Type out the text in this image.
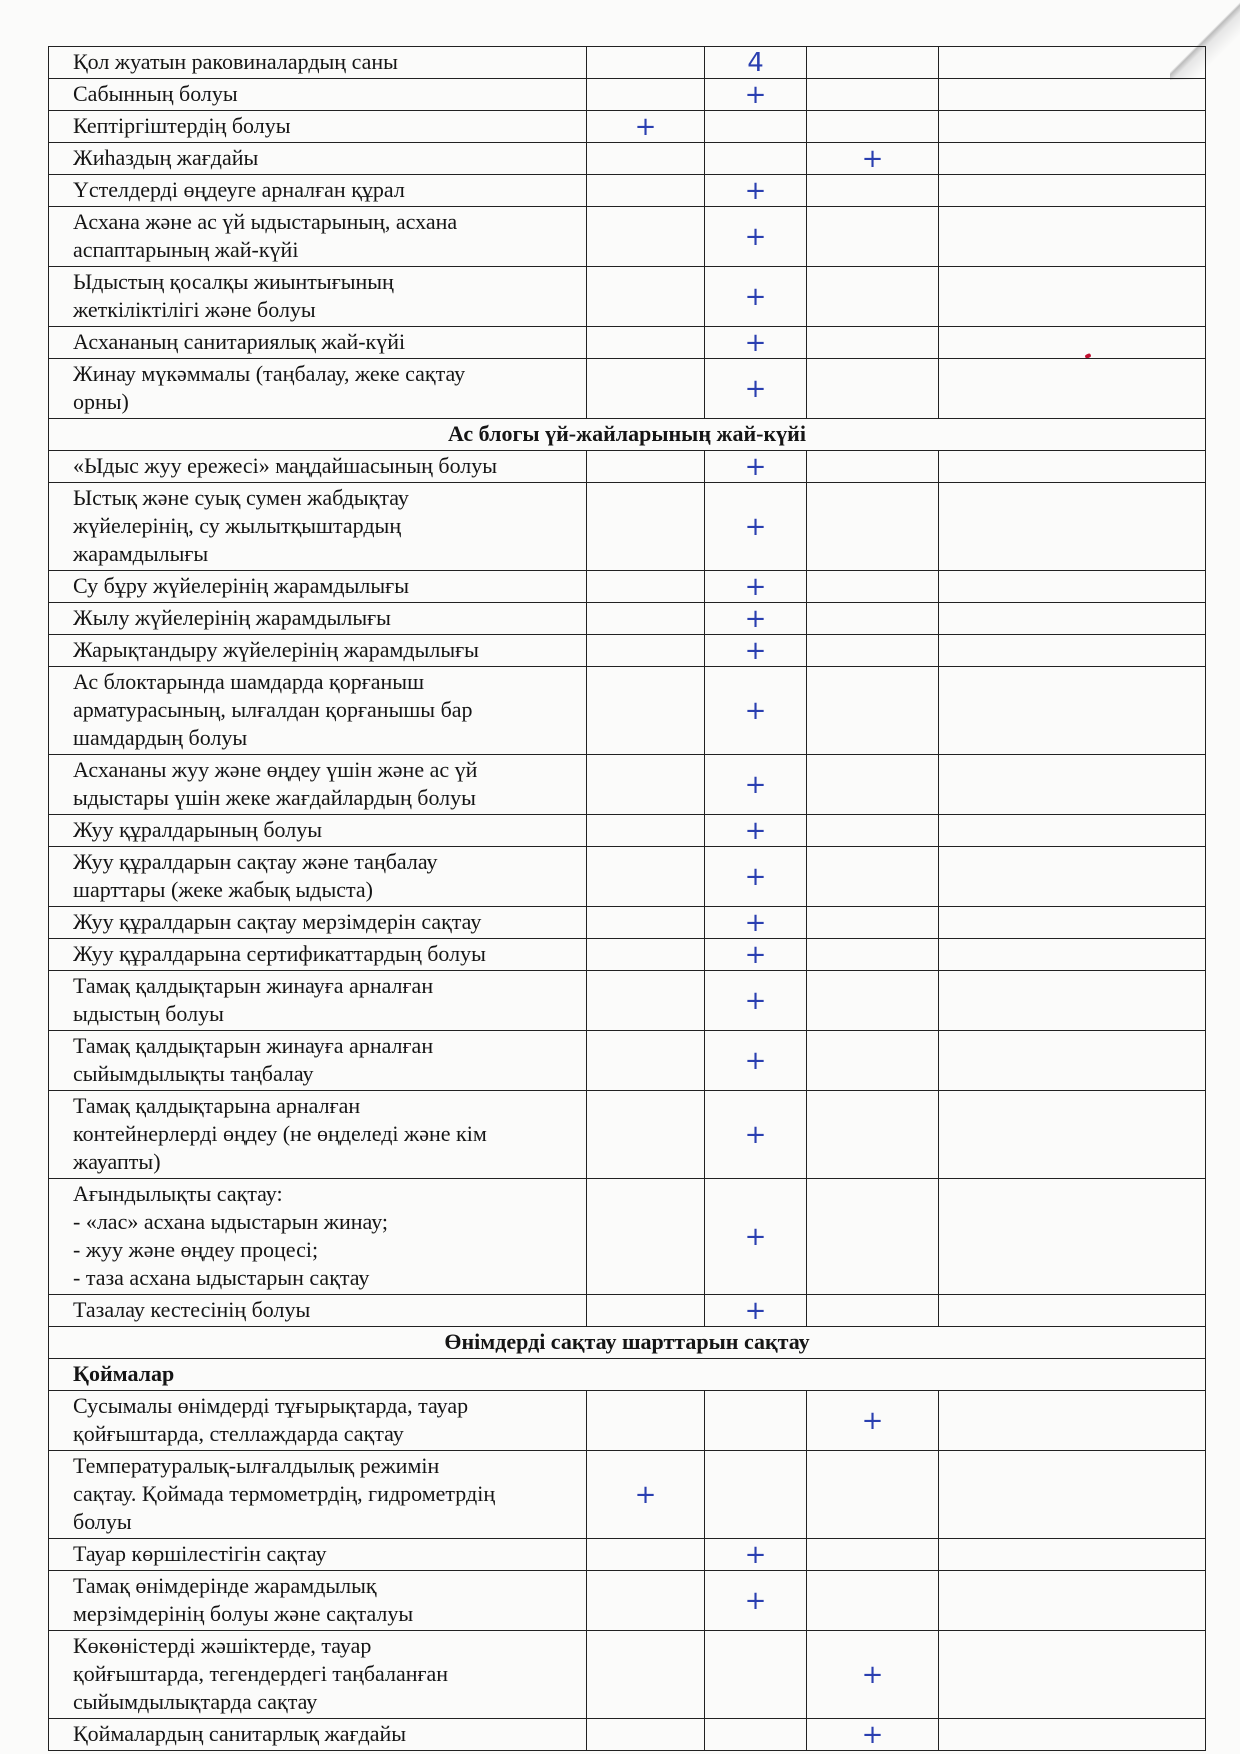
Қол жуатын раковиналардың саны		4		
Сабынның болуы		+		
Кептіргіштердің болуы	+			
Жиһаздың жағдайы			+	
Үстелдерді өңдеуге арналған құрал		+		
Асхана және ас үй ыдыстарының, асхана
аспаптарының жай-күйі		+		
Ыдыстың қосалқы жиынтығының
жеткіліктілігі және болуы		+		
Асхананың санитариялық жай-күйі		+		
Жинау мүкәммалы (таңбалау, жеке сақтау
орны)		+		
Ас блогы үй-жайларының жай-күйі				
«Ыдыс жуу ережесі» маңдайшасының болуы		+		
Ыстық және суық сумен жабдықтау
жүйелерінің, су жылытқыштардың
жарамдылығы		+		
Су бұру жүйелерінің жарамдылығы		+		
Жылу жүйелерінің жарамдылығы		+		
Жарықтандыру жүйелерінің жарамдылығы		+		
Ас блоктарында шамдарда қорғаныш
арматурасының, ылғалдан қорғанышы бар
шамдардың болуы		+		
Асхананы жуу және өңдеу үшін және ас үй
ыдыстары үшін жеке жағдайлардың болуы		+		
Жуу құралдарының болуы		+		
Жуу құралдарын сақтау және таңбалау
шарттары (жеке жабық ыдыста)		+		
Жуу құралдарын сақтау мерзімдерін сақтау		+		
Жуу құралдарына сертификаттардың болуы		+		
Тамақ қалдықтарын жинауға арналған
ыдыстың болуы		+		
Тамақ қалдықтарын жинауға арналған
сыйымдылықты таңбалау		+		
Тамақ қалдықтарына арналған
контейнерлерді өңдеу (не өңделеді және кім
жауапты)		+		
Ағындылықты сақтау:
- «лас» асхана ыдыстарын жинау;
- жуу және өңдеу процесі;
- таза асхана ыдыстарын сақтау		+		
Тазалау кестесінің болуы		+		
Өнімдерді сақтау шарттарын сақтау				
Қоймалар				
Сусымалы өнімдерді тұғырықтарда, тауар
қойғыштарда, стеллаждарда сақтау			+	
Температуралық-ылғалдылық режимін
сақтау. Қоймада термометрдің, гидрометрдің
болуы	+			
Тауар көршілестігін сақтау		+		
Тамақ өнімдерінде жарамдылық
мерзімдерінің болуы және сақталуы		+		
Көкөністерді жәшіктерде, тауар
қойғыштарда, тегендердегі таңбаланған
сыйымдылықтарда сақтау			+	
Қоймалардың санитарлық жағдайы			+	
